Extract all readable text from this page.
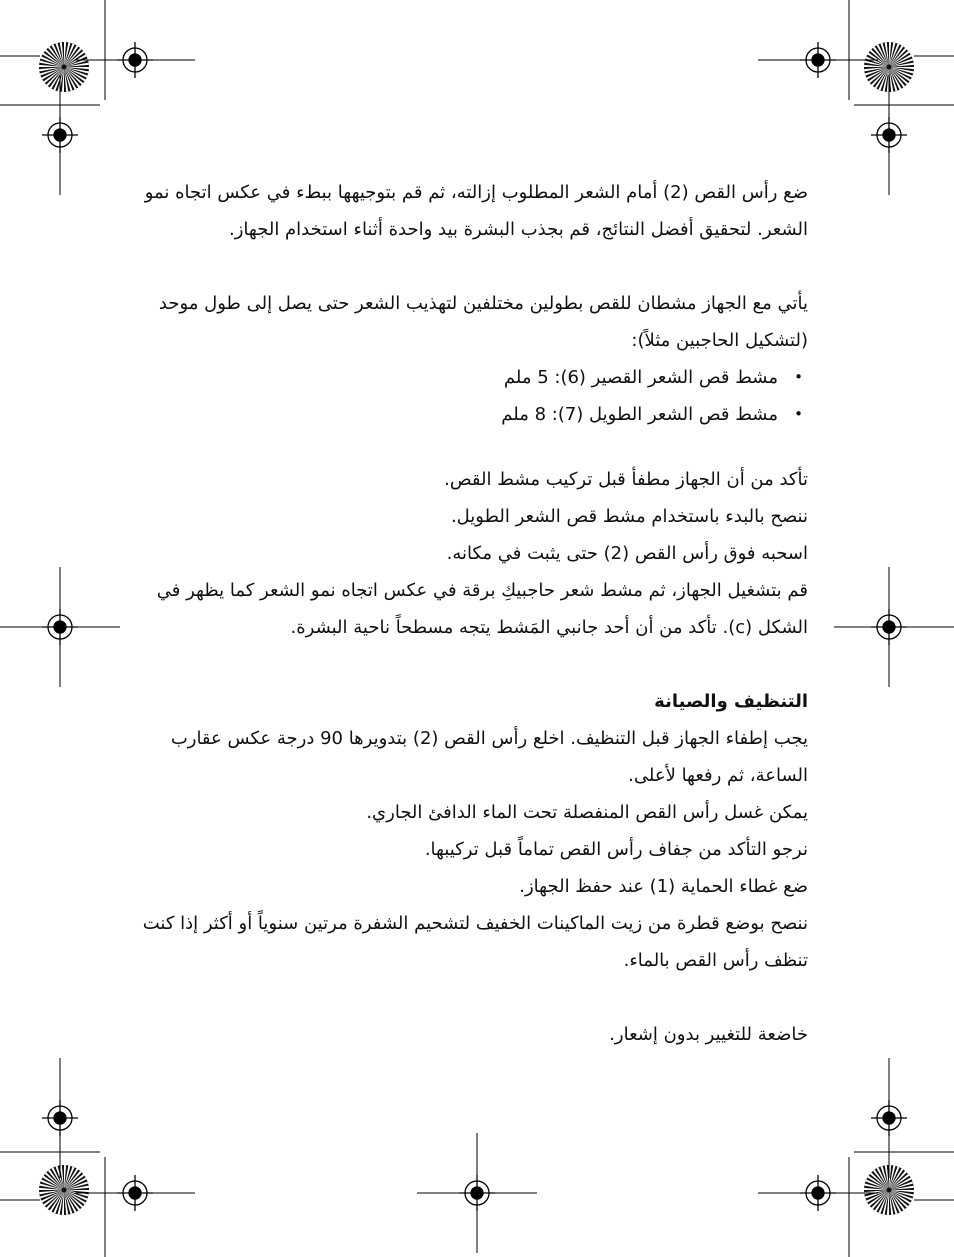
ضع رأس القص (2) أمام الشعر المطلوب إزالته، ثم قم بتوجيهها ببطء في عكس اتجاه نمو الشعر. لتحقيق أفضل النتائج، قم بجذب البشرة بيد واحدة أثناء استخدام الجهاز.

يأتي مع الجهاز مشطان للقص بطولين مختلفين لتهذيب الشعر حتى يصل إلى طول موحد (لتشكيل الحاجبين مثلاً):

• مشط قص الشعر القصير (6): 5 ملم
• مشط قص الشعر الطويل (7): 8 ملم

تأكد من أن الجهاز مطفأ قبل تركيب مشط القص.

ننصح بالبدء باستخدام مشط قص الشعر الطويل.

اسحبه فوق رأس القص (2) حتى يثبت في مكانه.

قم بتشغيل الجهاز، ثم مشط شعر حاجبيكِ برقة في عكس اتجاه نمو الشعر كما يظهر في الشكل (c). تأكد من أن أحد جانبي المَشط يتجه مسطحاً ناحية البشرة.

التنظيف والصيانة

يجب إطفاء الجهاز قبل التنظيف. اخلع رأس القص (2) بتدويرها 90 درجة عكس عقارب الساعة، ثم رفعها لأعلى.

يمكن غسل رأس القص المنفصلة تحت الماء الدافئ الجاري.

نرجو التأكد من جفاف رأس القص تماماً قبل تركيبها.

ضع غطاء الحماية (1) عند حفظ الجهاز.

ننصح بوضع قطرة من زيت الماكينات الخفيف لتشحيم الشفرة مرتين سنوياً أو أكثر إذا كنت تنظف رأس القص بالماء.

خاضعة للتغيير بدون إشعار.
